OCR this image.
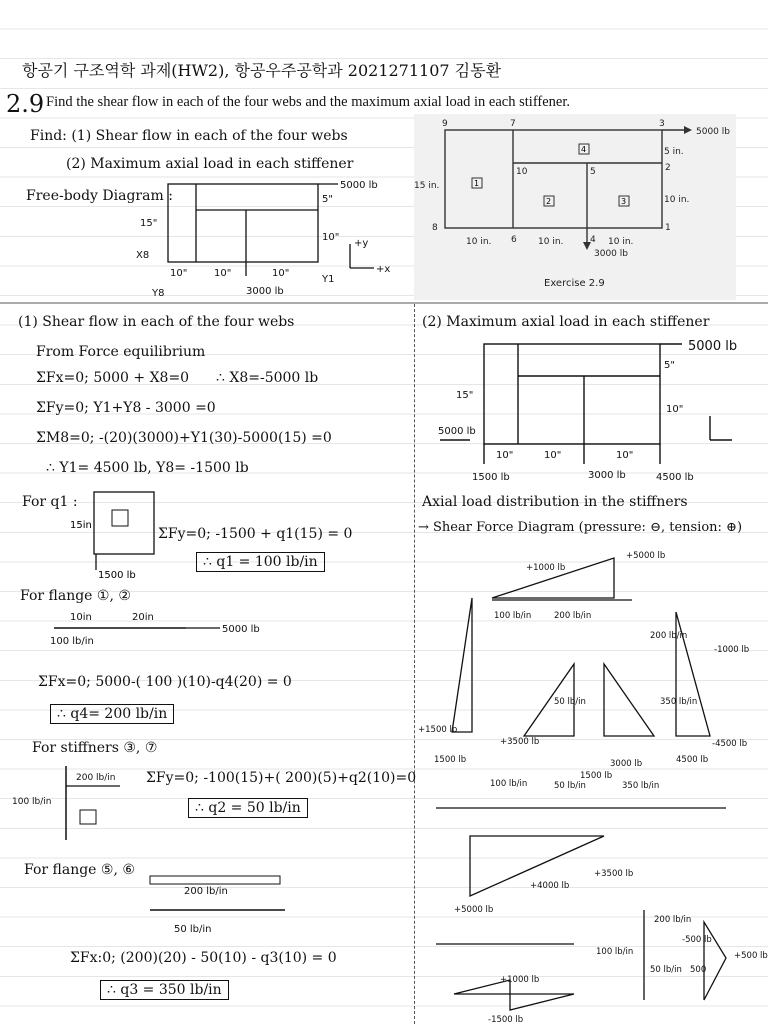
항공기 구조역학 과제(HW2), 항공우주공학과 2021271107 김동환
2.9 Find the shear flow in each of the four webs and the maximum axial load in each stiffener.
Find: (1) Shear flow in each of the four webs
(2) Maximum axial load in each stiffener
Free-body Diagram :
1
2	3
4
9	7	3
10	5	2
8
6	4
1
5 in.
10 in.
15 in.
10 in.	10 in.	10 in.
5000 lb
3000 lb
Exercise 2.9
5000 lb
15"
5"
10"
10"	10"	10"
3000 lb
X8
Y1
Y8
+y
+x
(1) Shear flow in each of the four webs
From Force equilibrium
ΣFx=0; 5000 + X8=0 ∴ X8=-5000 lb
ΣFy=0; Y1+Y8 - 3000 =0
ΣM8=0; -(20)(3000)+Y1(30)-5000(15) =0
∴ Y1= 4500 lb, Y8= -1500 lb
For q1 :
15in
1500 lb
ΣFy=0; -1500 + q1(15) = 0
∴ q1 = 100 lb/in
For flange ①, ②
10in	20in
100 lb/in
5000 lb
ΣFx=0; 5000-( 100 )(10)-q4(20) = 0
∴ q4= 200 lb/in
For stiffners ③, ⑦
200 lb/in
100 lb/in
ΣFy=0; -100(15)+( 200)(5)+q2(10)=0
∴ q2 = 50 lb/in
For flange ⑤, ⑥
200 lb/in
50 lb/in
ΣFx:0; (200)(20) - 50(10) - q3(10) = 0
∴ q3 = 350 lb/in
(2) Maximum axial load in each stiffener
5000 lb
5000 lb
1500 lb	4500 lb
3000 lb
15"
5"
10"
10"	10"	10"
Axial load distribution in the stiffners
→ Shear Force Diagram (pressure: ⊖, tension: ⊕)
+5000 lb
+1000 lb
-1000 lb
+1500 lb
+3500 lb	-4500 lb
4500 lb
+4000 lb
+3500 lb
+5000 lb
-500 lb
+500 lb
+1000 lb
-1500 lb
100 lb/in	200 lb/in
200 lb/in
50 lb/in	350 lb/in
100 lb/in	50 lb/in	350 lb/in
1500 lb
3000 lb
200 lb/in
100 lb/in
50 lb/in 500
1500 lb
